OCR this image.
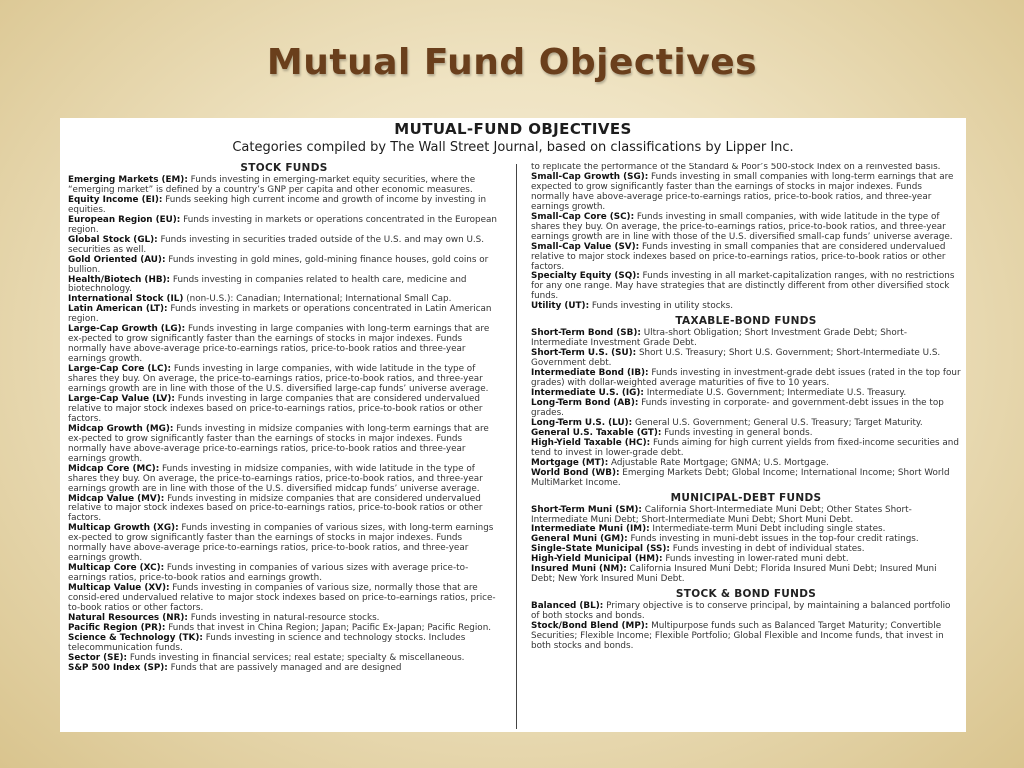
Mutual Fund Objectives
MUTUAL-FUND OBJECTIVES
Categories compiled by The Wall Street Journal, based on classifications by Lipper Inc.
STOCK FUNDS

Emerging Markets (EM): Funds investing in emerging-market equity securities, where the “emerging market” is defined by a country’s GNP per capita and other economic measures.

Equity Income (EI): Funds seeking high current income and growth of income by investing in equities.

European Region (EU): Funds investing in markets or operations concentrated in the European region.

Global Stock (GL): Funds investing in securities traded outside of the U.S. and may own U.S. securities as well.

Gold Oriented (AU): Funds investing in gold mines, gold-mining finance houses, gold coins or bullion.

Health/Biotech (HB): Funds investing in companies related to health care, medicine and biotechnology.

International Stock (IL) (non-U.S.): Canadian; International; International Small Cap.

Latin American (LT): Funds investing in markets or operations concentrated in Latin American region.

Large-Cap Growth (LG): Funds investing in large companies with long-term earnings that are ex-pected to grow significantly faster than the earnings of stocks in major indexes. Funds normally have above-average price-to-earnings ratios, price-to-book ratios and three-year earnings growth.

Large-Cap Core (LC): Funds investing in large companies, with wide latitude in the type of shares they buy. On average, the price-to-earnings ratios, price-to-book ratios, and three-year earnings growth are in line with those of the U.S. diversified large-cap funds’ universe average.

Large-Cap Value (LV): Funds investing in large companies that are considered undervalued relative to major stock indexes based on price-to-earnings ratios, price-to-book ratios or other factors.

Midcap Growth (MG): Funds investing in midsize companies with long-term earnings that are ex-pected to grow significantly faster than the earnings of stocks in major indexes. Funds normally have above-average price-to-earnings ratios, price-to-book ratios and three-year earnings growth.

Midcap Core (MC): Funds investing in midsize companies, with wide latitude in the type of shares they buy. On average, the price-to-earnings ratios, price-to-book ratios, and three-year earnings growth are in line with those of the U.S. diversified midcap funds’ universe average.

Midcap Value (MV): Funds investing in midsize companies that are considered undervalued relative to major stock indexes based on price-to-earnings ratios, price-to-book ratios or other factors.

Multicap Growth (XG): Funds investing in companies of various sizes, with long-term earnings ex-pected to grow significantly faster than the earnings of stocks in major indexes. Funds normally have above-average price-to-earnings ratios, price-to-book ratios, and three-year earnings growth.

Multicap Core (XC): Funds investing in companies of various sizes with average price-to-earnings ratios, price-to-book ratios and earnings growth.

Multicap Value (XV): Funds investing in companies of various size, normally those that are consid-ered undervalued relative to major stock indexes based on price-to-earnings ratios, price-to-book ratios or other factors.

Natural Resources (NR): Funds investing in natural-resource stocks.

Pacific Region (PR): Funds that invest in China Region; Japan; Pacific Ex-Japan; Pacific Region.

Science & Technology (TK): Funds investing in science and technology stocks. Includes telecommunication funds.

Sector (SE): Funds investing in financial services; real estate; specialty & miscellaneous.

S&P 500 Index (SP): Funds that are passively managed and are designed

to replicate the performance of the Standard & Poor’s 500-stock Index on a reinvested basis.

Small-Cap Growth (SG): Funds investing in small companies with long-term earnings that are expected to grow significantly faster than the earnings of stocks in major indexes. Funds normally have above-average price-to-earnings ratios, price-to-book ratios, and three-year earnings growth.

Small-Cap Core (SC): Funds investing in small companies, with wide latitude in the type of shares they buy. On average, the price-to-earnings ratios, price-to-book ratios, and three-year earnings growth are in line with those of the U.S. diversified small-cap funds’ universe average.

Small-Cap Value (SV): Funds investing in small companies that are considered undervalued relative to major stock indexes based on price-to-earnings ratios, price-to-book ratios or other factors.

Specialty Equity (SQ): Funds investing in all market-capitalization ranges, with no restrictions for any one range. May have strategies that are distinctly different from other diversified stock funds.

Utility (UT): Funds investing in utility stocks.

TAXABLE-BOND FUNDS

Short-Term Bond (SB): Ultra-short Obligation; Short Investment Grade Debt; Short-Intermediate Investment Grade Debt.

Short-Term U.S. (SU): Short U.S. Treasury; Short U.S. Government; Short-Intermediate U.S. Government debt.

Intermediate Bond (IB): Funds investing in investment-grade debt issues (rated in the top four grades) with dollar-weighted average maturities of five to 10 years.

Intermediate U.S. (IG): Intermediate U.S. Government; Intermediate U.S. Treasury.

Long-Term Bond (AB): Funds investing in corporate- and government-debt issues in the top grades.

Long-Term U.S. (LU): General U.S. Government; General U.S. Treasury; Target Maturity.

General U.S. Taxable (GT): Funds investing in general bonds.

High-Yield Taxable (HC): Funds aiming for high current yields from fixed-income securities and tend to invest in lower-grade debt.

Mortgage (MT): Adjustable Rate Mortgage; GNMA; U.S. Mortgage.

World Bond (WB): Emerging Markets Debt; Global Income; International Income; Short World MultiMarket Income.

MUNICIPAL-DEBT FUNDS

Short-Term Muni (SM): California Short-Intermediate Muni Debt; Other States Short-Intermediate Muni Debt; Short-Intermediate Muni Debt; Short Muni Debt.

Intermediate Muni (IM): Intermediate-term Muni Debt including single states.

General Muni (GM): Funds investing in muni-debt issues in the top-four credit ratings.

Single-State Municipal (SS): Funds investing in debt of individual states.

High-Yield Municipal (HM): Funds investing in lower-rated muni debt.

Insured Muni (NM): California Insured Muni Debt; Florida Insured Muni Debt; Insured Muni Debt; New York Insured Muni Debt.

STOCK & BOND FUNDS

Balanced (BL): Primary objective is to conserve principal, by maintaining a balanced portfolio of both stocks and bonds.

Stock/Bond Blend (MP): Multipurpose funds such as Balanced Target Maturity; Convertible Securities; Flexible Income; Flexible Portfolio; Global Flexible and Income funds, that invest in both stocks and bonds.
